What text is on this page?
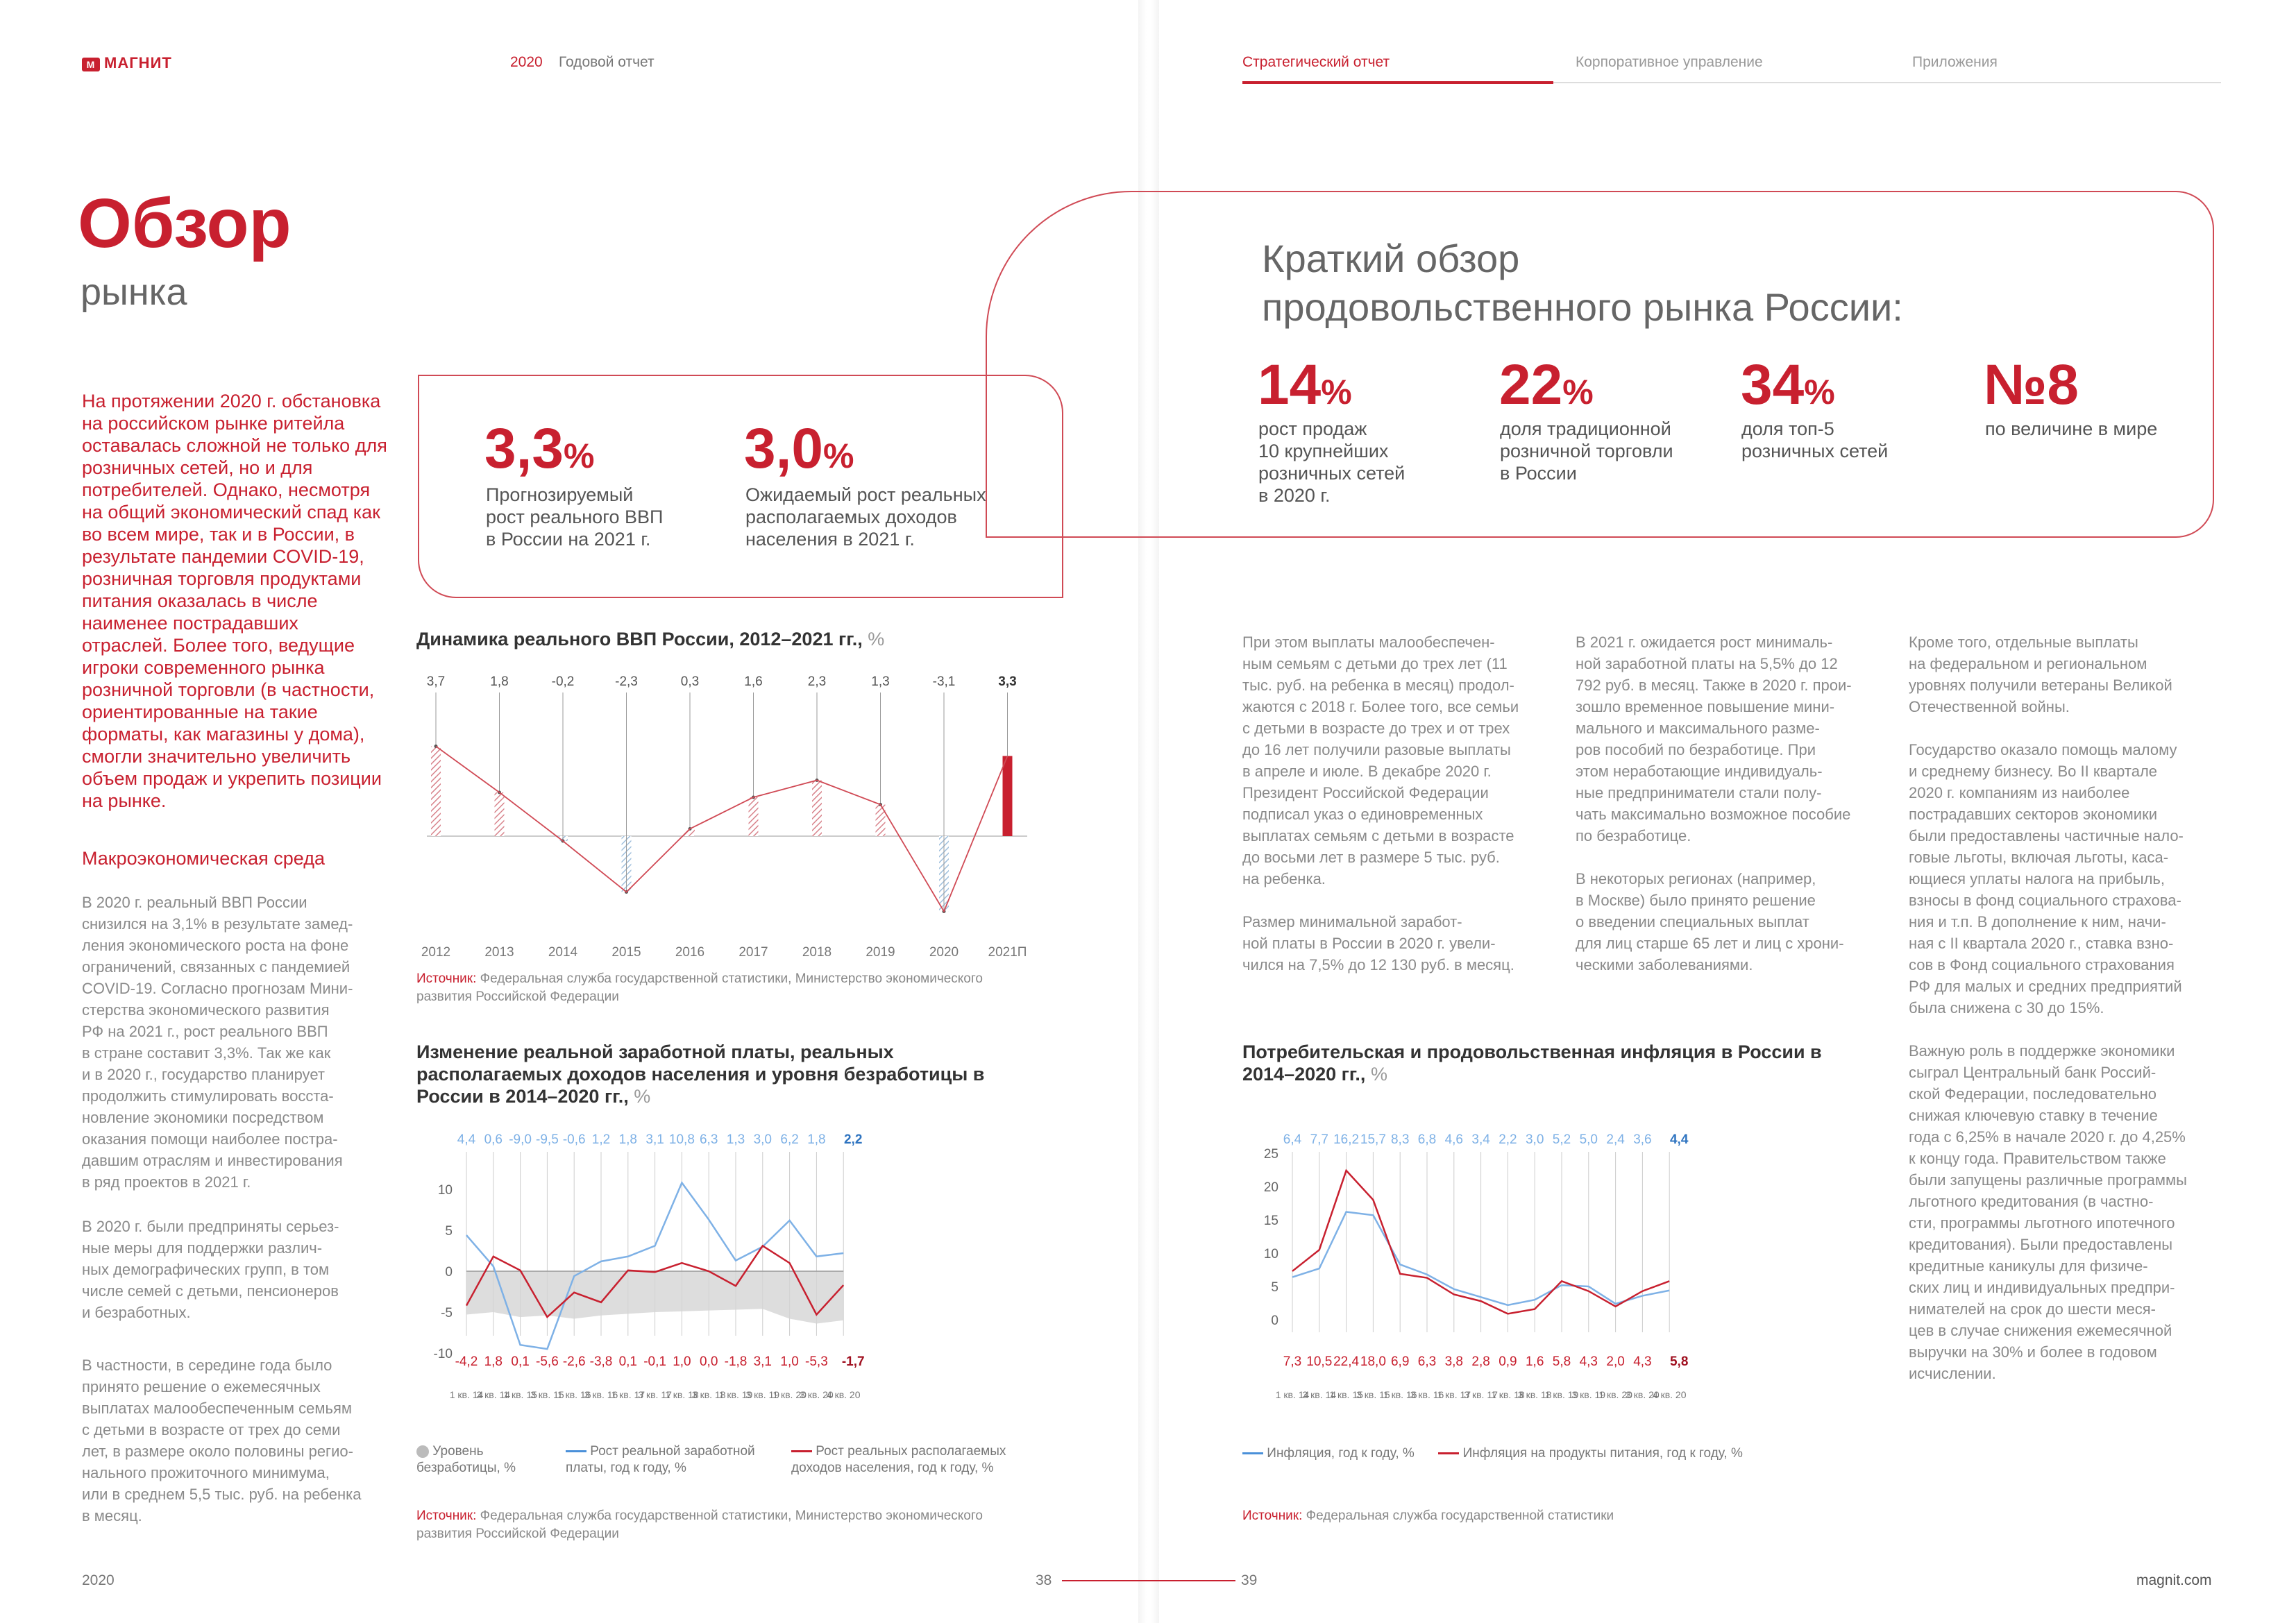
M МАГНИТ	2020 Годовой отчет	Стратегический отчет	Корпоративное управление	Приложения
Обзор
рынка
На протяжении 2020 г. обстановка на российском рынке ритейла оставалась сложной не только для розничных сетей, но и для потребителей. Однако, несмотря на общий экономический спад как во всем мире, так и в России, в результате пандемии COVID-19, розничная торговля продуктами питания оказалась в числе наименее пострадавших отраслей. Более того, ведущие игроки современного рынка розничной торговли (в частности, ориентированные на такие форматы, как магазины у дома), смогли значительно увеличить объем продаж и укрепить позиции на рынке.
Макроэкономическая среда
В 2020 г. реальный ВВП России
снизился на 3,1% в результате замед-
ления экономического роста на фоне
ограничений, связанных с пандемией
COVID-19. Согласно прогнозам Мини-
стерства экономического развития
РФ на 2021 г., рост реального ВВП
в стране составит 3,3%. Так же как
и в 2020 г., государство планирует
продолжить стимулировать восста-
новление экономики посредством
оказания помощи наиболее постра-
давшим отраслям и инвестирования
в ряд проектов в 2021 г.
В 2020 г. были предприняты серьез-
ные меры для поддержки различ-
ных демографических групп, в том
числе семей с детьми, пенсионеров
и безработных.
В частности, в середине года было
принято решение о ежемесячных
выплатах малообеспеченным семьям
с детьми в возрасте от трех до семи
лет, в размере около половины регио-
нального прожиточного минимума,
или в среднем 5,5 тыс. руб. на ребенка
в месяц.
3,3%
Прогнозируемый
рост реального ВВП
в России на 2021 г.
3,0%
Ожидаемый рост реальных
располагаемых доходов
населения в 2021 г.
Краткий обзор
продовольственного рынка России:
14%
рост продаж
10 крупнейших
розничных сетей
в 2020 г.
22%
доля традиционной
розничной торговли
в России
34%
доля топ-5
розничных сетей
№8
по величине в мире
Динамика реального ВВП России, 2012–2021 гг., %
3,7
2012
1,8
2013
-0,2
2014
-2,3
2015
0,3
2016
1,6
2017
2,3
2018
1,3
2019
-3,1
2020
3,3
2021П
Источник: Федеральная служба государственной статистики, Министерство экономического
развития Российской Федерации
Изменение реальной заработной платы, реальных располагаемых доходов населения и уровня безработицы в России в 2014–2020 гг., %
10
5
0
-5
-10
1 кв. 14
3 кв. 14
1 кв. 15
3 кв. 15
1 кв. 16
3 кв. 16
1 кв. 17
3 кв. 17
1 кв. 18
3 кв. 18
1 кв. 19
3 кв. 19
1 кв. 20
3 кв. 20
4 кв. 20
4,4 0,6 -9,0 -9,5 -0,6 1,2 1,8 3,1 10,8 6,3 1,3 3,0 6,2 1,8 2,2
-4,2 1,8 0,1 -5,6 -2,6 -3,8 0,1 -0,1 1,0 0,0 -1,8 3,1 1,0 -5,3 -1,7
Уровень безработицы, %
Рост реальной заработной платы, год к году, %
Рост реальных располагаемых доходов населения, год к году, %
Источник: Федеральная служба государственной статистики, Министерство экономического
развития Российской Федерации
При этом выплаты малообеспечен-
ным семьям с детьми до трех лет (11
тыс. руб. на ребенка в месяц) продол-
жаются с 2018 г. Более того, все семьи
с детьми в возрасте до трех и от трех
до 16 лет получили разовые выплаты
в апреле и июле. В декабре 2020 г.
Президент Российской Федерации
подписал указ о единовременных
выплатах семьям с детьми в возрасте
до восьми лет в размере 5 тыс. руб.
на ребенка.

Размер минимальной заработ-
ной платы в России в 2020 г. увели-
чился на 7,5% до 12 130 руб. в месяц.
В 2021 г. ожидается рост минималь-
ной заработной платы на 5,5% до 12
792 руб. в месяц. Также в 2020 г. прои-
зошло временное повышение мини-
мального и максимального разме-
ров пособий по безработице. При
этом неработающие индивидуаль-
ные предприниматели стали полу-
чать максимально возможное пособие
по безработице.

В некоторых регионах (например,
в Москве) было принято решение
о введении специальных выплат
для лиц старше 65 лет и лиц с хрони-
ческими заболеваниями.
Кроме того, отдельные выплаты
на федеральном и региональном
уровнях получили ветераны Великой
Отечественной войны.

Государство оказало помощь малому
и среднему бизнесу. Во II квартале
2020 г. компаниям из наиболее
пострадавших секторов экономики
были предоставлены частичные нало-
говые льготы, включая льготы, каса-
ющиеся уплаты налога на прибыль,
взносы в фонд социального страхова-
ния и т.п. В дополнение к ним, начи-
ная с II квартала 2020 г., ставка взно-
сов в Фонд социального страхования
РФ для малых и средних предприятий
была снижена с 30 до 15%.

Важную роль в поддержке экономики
сыграл Центральный банк Россий-
ской Федерации, последовательно
снижая ключевую ставку в течение
года с 6,25% в начале 2020 г. до 4,25%
к концу года. Правительством также
были запущены различные программы
льготного кредитования (в частно-
сти, программы льготного ипотечного
кредитования). Были предоставлены
кредитные каникулы для физиче-
ских лиц и индивидуальных предпри-
нимателей на срок до шести меся-
цев в случае снижения ежемесячной
выручки на 30% и более в годовом
исчислении.
Потребительская и продовольственная инфляция в России в 2014–2020 гг., %
25
20
15
10
5
0
1 кв. 14
3 кв. 14
1 кв. 15
3 кв. 15
1 кв. 16
3 кв. 16
1 кв. 17
3 кв. 17
1 кв. 18
3 кв. 18
1 кв. 19
3 кв. 19
1 кв. 20
3 кв. 20
4 кв. 20
6,4 7,7 16,2 15,7 8,3 6,8 4,6 3,4 2,2 3,0 5,2 5,0 2,4 3,6 4,4
7,3 10,5 22,4 18,0 6,9 6,3 3,8 2,8 0,9 1,6 5,8 4,3 2,0 4,3 5,8
Инфляция, год к году, %	Инфляция на продукты питания, год к году, %
Источник: Федеральная служба государственной статистики
2020	38	39	magnit.com
